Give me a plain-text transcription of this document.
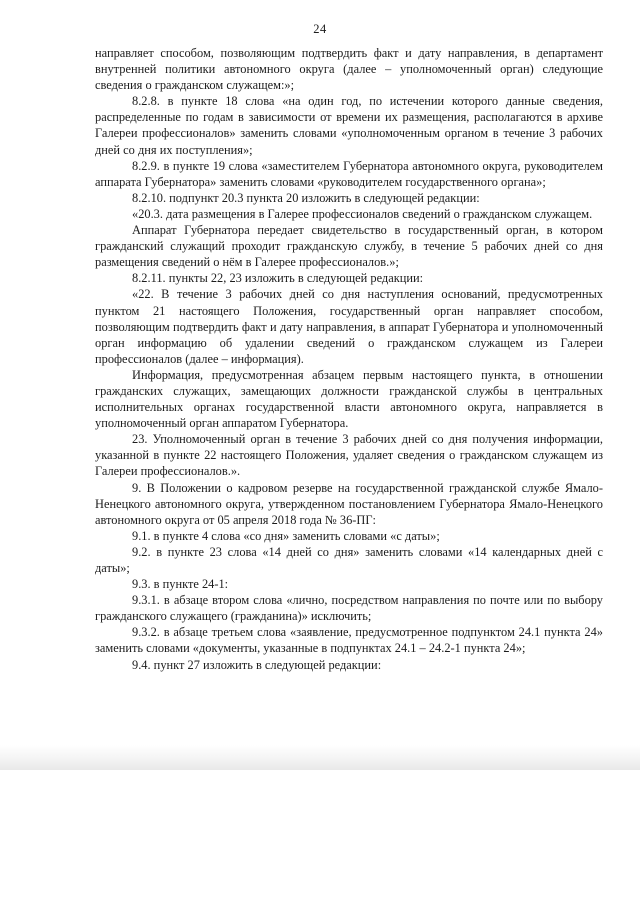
24

направляет способом, позволяющим подтвердить факт и дату направления, в департамент внутренней политики автономного округа (далее – уполномоченный орган) следующие сведения о гражданском служащем:»;

8.2.8. в пункте 18 слова «на один год, по истечении которого данные сведения, распределенные по годам в зависимости от времени их размещения, располагаются в архиве Галереи профессионалов» заменить словами «уполномоченным органом в течение 3 рабочих дней со дня их поступления»;

8.2.9. в пункте 19 слова «заместителем Губернатора автономного округа, руководителем аппарата Губернатора» заменить словами «руководителем государственного органа»;

8.2.10. подпункт 20.3 пункта 20 изложить в следующей редакции:

«20.3. дата размещения в Галерее профессионалов сведений о гражданском служащем.

Аппарат Губернатора передает свидетельство в государственный орган, в котором гражданский служащий проходит гражданскую службу, в течение 5 рабочих дней со дня размещения сведений о нём в Галерее профессионалов.»;

8.2.11. пункты 22, 23 изложить в следующей редакции:

«22. В течение 3 рабочих дней со дня наступления оснований, предусмотренных пунктом 21 настоящего Положения, государственный орган направляет способом, позволяющим подтвердить факт и дату направления, в аппарат Губернатора и уполномоченный орган информацию об удалении сведений о гражданском служащем из Галереи профессионалов (далее – информация).

Информация, предусмотренная абзацем первым настоящего пункта, в отношении гражданских служащих, замещающих должности гражданской службы в центральных исполнительных органах государственной власти автономного округа, направляется в уполномоченный орган аппаратом Губернатора.

23. Уполномоченный орган в течение 3 рабочих дней со дня получения информации, указанной в пункте 22 настоящего Положения, удаляет сведения о гражданском служащем из Галереи профессионалов.».

9. В Положении о кадровом резерве на государственной гражданской службе Ямало-Ненецкого автономного округа, утвержденном постановлением Губернатора Ямало-Ненецкого автономного округа от 05 апреля 2018 года № 36-ПГ:

9.1. в пункте 4 слова «со дня» заменить словами «с даты»;

9.2. в пункте 23 слова «14 дней со дня» заменить словами «14 календарных дней с даты»;

9.3. в пункте 24-1:

9.3.1. в абзаце втором слова «лично, посредством направления по почте или по выбору гражданского служащего (гражданина)» исключить;

9.3.2. в абзаце третьем слова «заявление, предусмотренное подпунктом 24.1 пункта 24» заменить словами «документы, указанные в подпунктах 24.1 – 24.2-1 пункта 24»;

9.4. пункт 27 изложить в следующей редакции:
